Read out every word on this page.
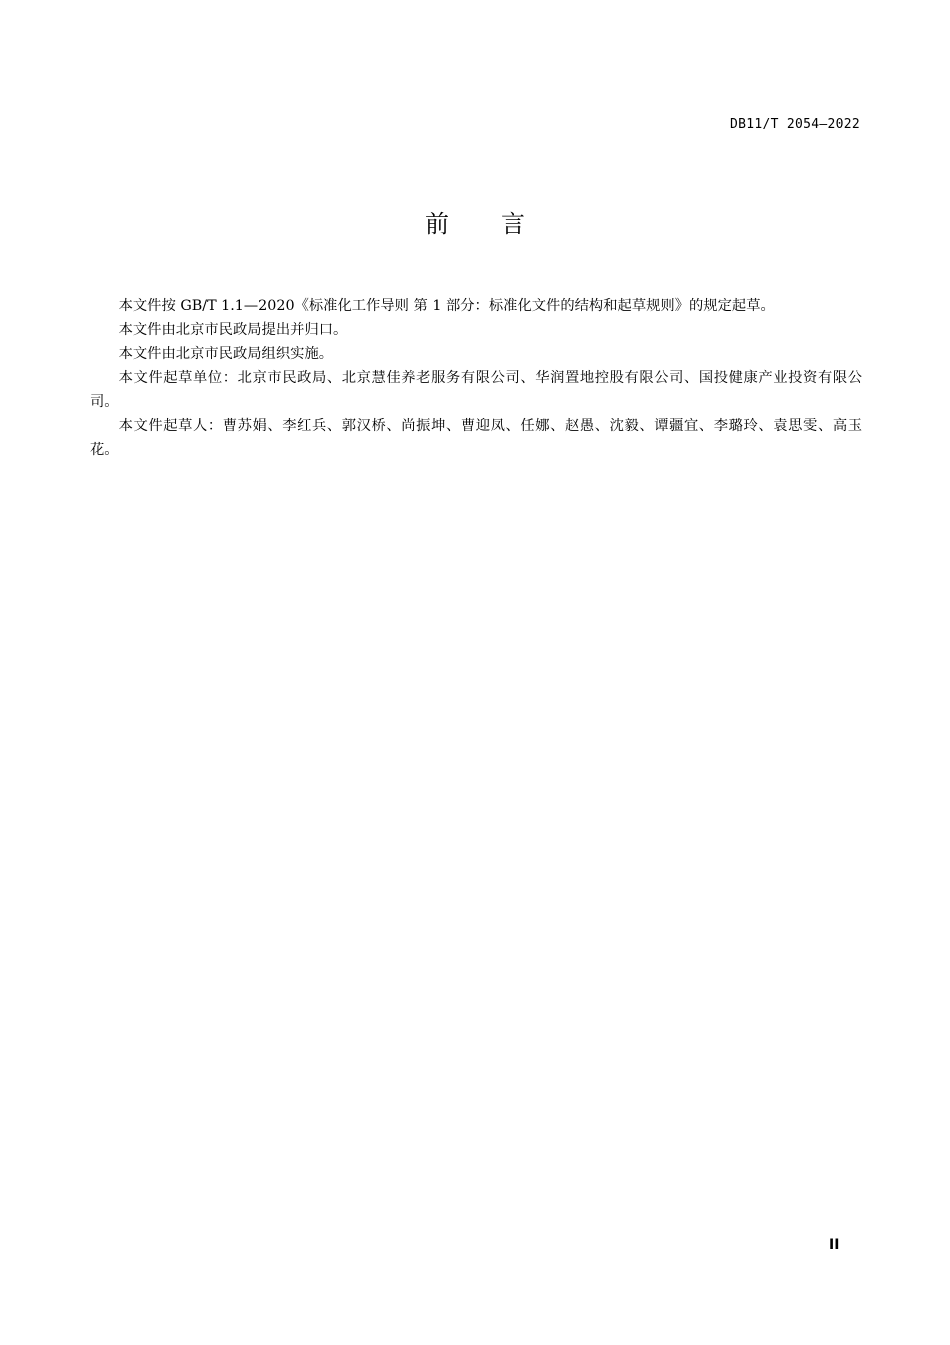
DB11/T 2054—2022
前 言

本文件按 GB/T 1.1—2020《标准化工作导则 第 1 部分：标准化文件的结构和起草规则》的规定起草。

本文件由北京市民政局提出并归口。

本文件由北京市民政局组织实施。

本文件起草单位：北京市民政局、北京慧佳养老服务有限公司、华润置地控股有限公司、国投健康产业投资有限公司。

本文件起草人：曹苏娟、李红兵、郭汉桥、尚振坤、曹迎凤、任娜、赵愚、沈毅、谭疆宜、李璐玲、袁思雯、高玉花。

II
